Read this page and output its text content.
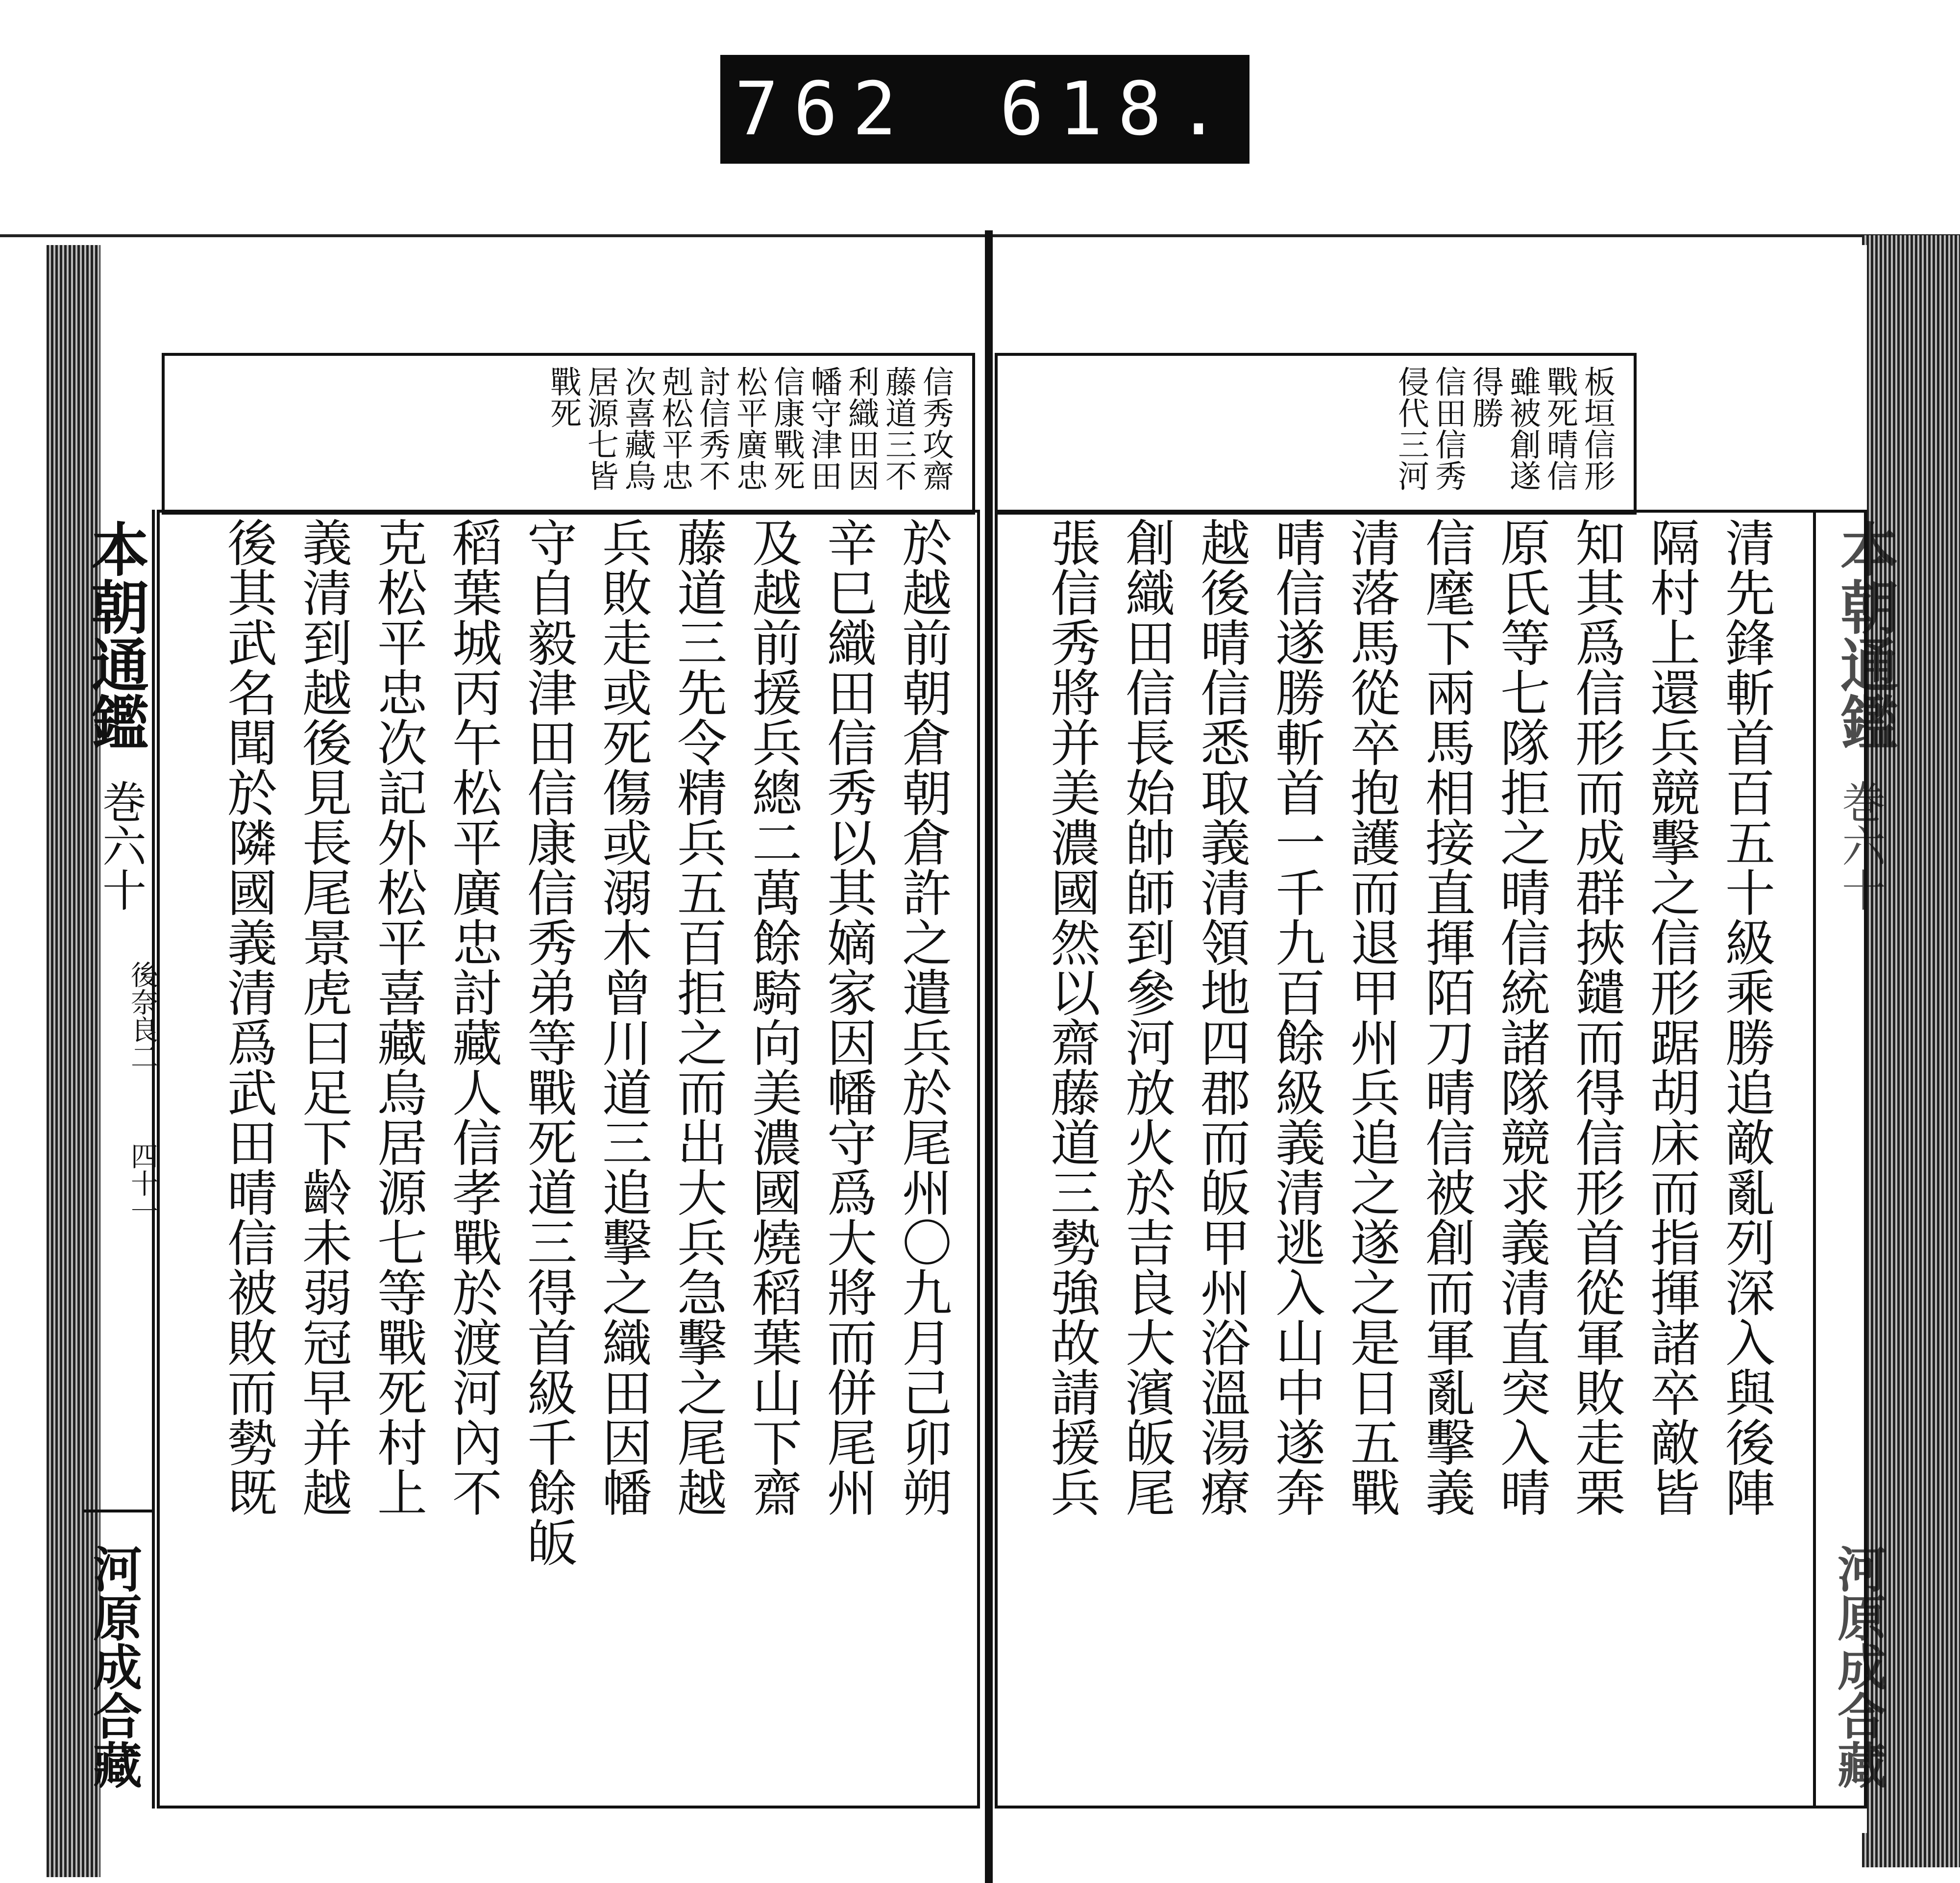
762　618.
信秀攻齋
藤道三不
利織田因
幡守津田
信康戰死
松平廣忠
討信秀不
剋松平忠
次喜藏烏
居源七皆
戰死
於越前朝倉朝倉許之遣兵於尾州〇九月己卯朔
辛巳織田信秀以其嫡家因幡守爲大將而併尾州
及越前援兵總二萬餘騎向美濃國燒稻葉山下齋
藤道三先令精兵五百拒之而出大兵急擊之尾越
兵敗走或死傷或溺木曾川道三追擊之織田因幡
守自毅津田信康信秀弟等戰死道三得首級千餘皈
稻葉城丙午松平廣忠討藏人信孝戰於渡河內不
克松平忠次記外松平喜藏烏居源七等戰死村上
義清到越後見長尾景虎曰足下齡未弱冠早并越
後其武名聞於隣國義清爲武田晴信被敗而勢既
本朝通鑑
巻六十
後奈良二
四十一
河原成合藏
板垣信形
戰死晴信
雖被創遂
得勝
信田信秀
侵代三河
清先鋒斬首百五十級乘勝追敵亂列深入與後陣
隔村上還兵競擊之信形踞胡床而指揮諸卒敵皆
知其爲信形而成群挾鑓而得信形首從軍敗走栗
原氏等七隊拒之晴信統諸隊競求義清直突入晴
信麾下兩馬相接直揮陌刀晴信被創而軍亂擊義
清落馬從卒抱護而退甲州兵追之遂之是日五戰
晴信遂勝斬首一千九百餘級義清逃入山中遂奔
越後晴信悉取義清領地四郡而皈甲州浴溫湯療
創織田信長始帥師到參河放火於吉良大濱皈尾
張信秀將并美濃國然以齋藤道三勢強故請援兵	本朝通鑑
巻六十
河原成合藏
